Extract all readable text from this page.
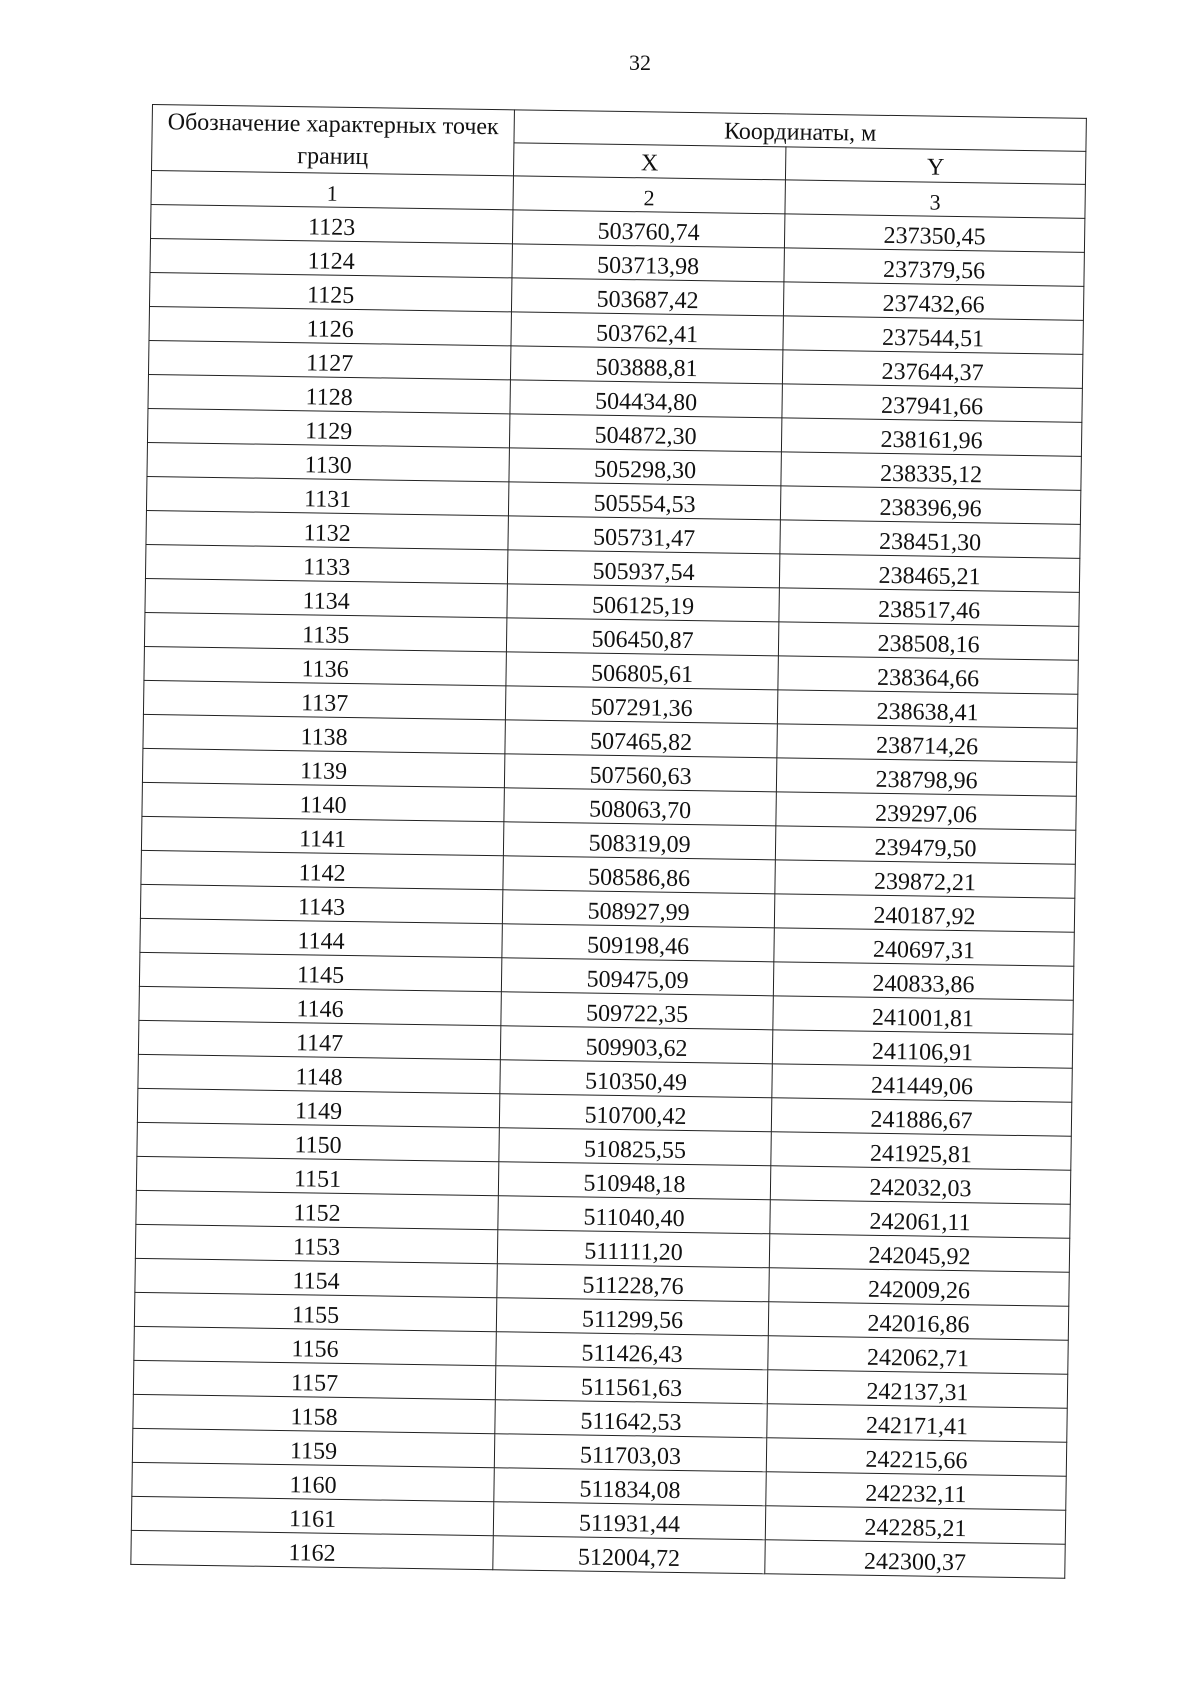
32
Обозначение характерных точек границ	Координаты, м	
	X	Y
1	2	3
1123	503760,74	237350,45
1124	503713,98	237379,56
1125	503687,42	237432,66
1126	503762,41	237544,51
1127	503888,81	237644,37
1128	504434,80	237941,66
1129	504872,30	238161,96
1130	505298,30	238335,12
1131	505554,53	238396,96
1132	505731,47	238451,30
1133	505937,54	238465,21
1134	506125,19	238517,46
1135	506450,87	238508,16
1136	506805,61	238364,66
1137	507291,36	238638,41
1138	507465,82	238714,26
1139	507560,63	238798,96
1140	508063,70	239297,06
1141	508319,09	239479,50
1142	508586,86	239872,21
1143	508927,99	240187,92
1144	509198,46	240697,31
1145	509475,09	240833,86
1146	509722,35	241001,81
1147	509903,62	241106,91
1148	510350,49	241449,06
1149	510700,42	241886,67
1150	510825,55	241925,81
1151	510948,18	242032,03
1152	511040,40	242061,11
1153	511111,20	242045,92
1154	511228,76	242009,26
1155	511299,56	242016,86
1156	511426,43	242062,71
1157	511561,63	242137,31
1158	511642,53	242171,41
1159	511703,03	242215,66
1160	511834,08	242232,11
1161	511931,44	242285,21
1162	512004,72	242300,37
